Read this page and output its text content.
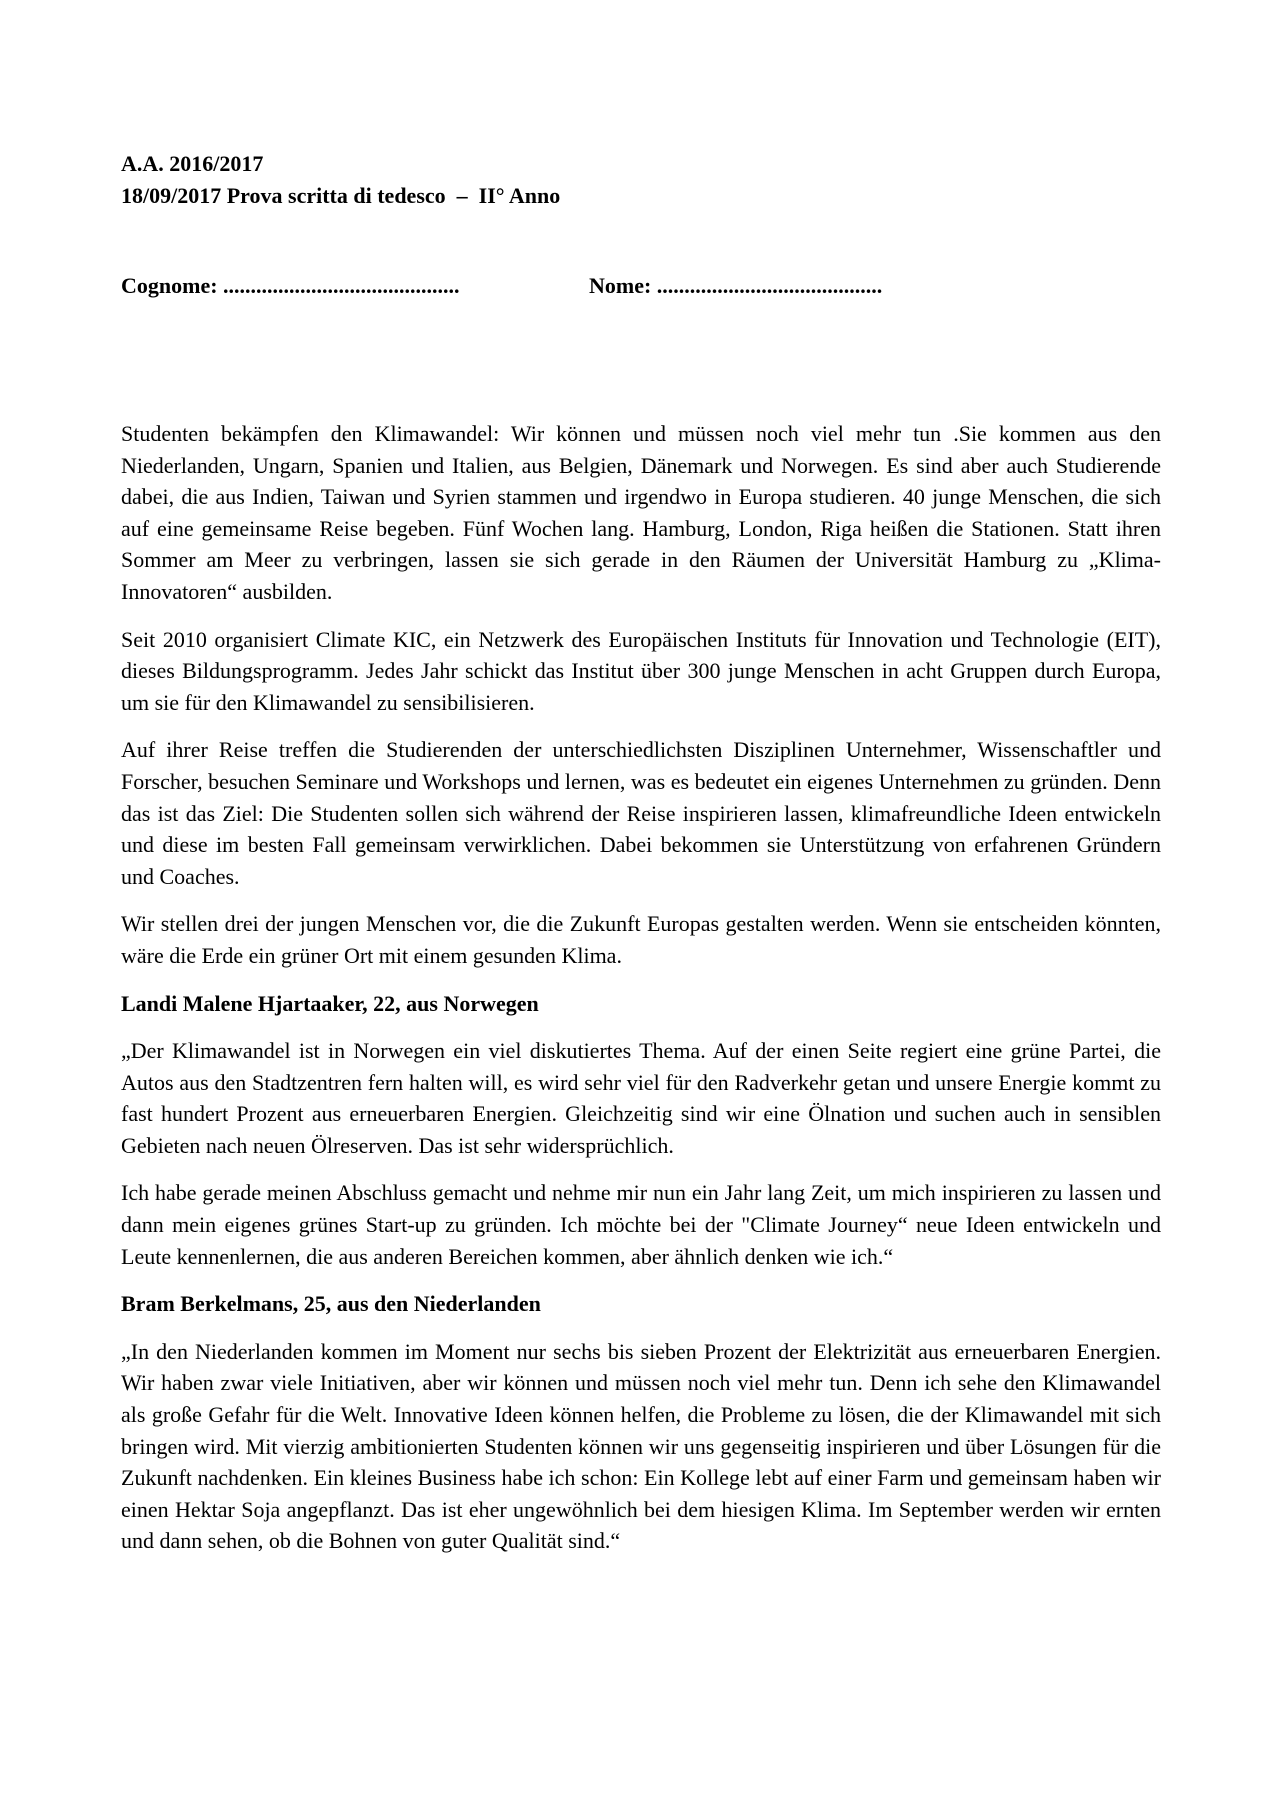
A.A. 2016/2017

18/09/2017 Prova scritta di tedesco  –  II° Anno

Cognome: ...........................................	Nome: .........................................

Studenten bekämpfen den Klimawandel: Wir können und müssen noch viel mehr tun .Sie kommen aus den Niederlanden, Ungarn, Spanien und Italien, aus Belgien, Dänemark und Norwegen. Es sind aber auch Studierende dabei, die aus Indien, Taiwan und Syrien stammen und irgendwo in Europa studieren. 40 junge Menschen, die sich auf eine gemeinsame Reise begeben. Fünf Wochen lang. Hamburg, London, Riga heißen die Stationen. Statt ihren Sommer am Meer zu verbringen, lassen sie sich gerade in den Räumen der Universität Hamburg zu „Klima-Innovatoren“ ausbilden.

Seit 2010 organisiert Climate KIC, ein Netzwerk des Europäischen Instituts für Innovation und Technologie (EIT), dieses Bildungsprogramm. Jedes Jahr schickt das Institut über 300 junge Menschen in acht Gruppen durch Europa, um sie für den Klimawandel zu sensibilisieren.

Auf ihrer Reise treffen die Studierenden der unterschiedlichsten Disziplinen Unternehmer, Wissenschaftler und Forscher, besuchen Seminare und Workshops und lernen, was es bedeutet ein eigenes Unternehmen zu gründen. Denn das ist das Ziel: Die Studenten sollen sich während der Reise inspirieren lassen, klimafreundliche Ideen entwickeln und diese im besten Fall gemeinsam verwirklichen. Dabei bekommen sie Unterstützung von erfahrenen Gründern und Coaches.

Wir stellen drei der jungen Menschen vor, die die Zukunft Europas gestalten werden. Wenn sie entscheiden könnten, wäre die Erde ein grüner Ort mit einem gesunden Klima.

Landi Malene Hjartaaker, 22, aus Norwegen

„Der Klimawandel ist in Norwegen ein viel diskutiertes Thema. Auf der einen Seite regiert eine grüne Partei, die Autos aus den Stadtzentren fern halten will, es wird sehr viel für den Radverkehr getan und unsere Energie kommt zu fast hundert Prozent aus erneuerbaren Energien. Gleichzeitig sind wir eine Ölnation und suchen auch in sensiblen Gebieten nach neuen Ölreserven. Das ist sehr widersprüchlich.

Ich habe gerade meinen Abschluss gemacht und nehme mir nun ein Jahr lang Zeit, um mich inspirieren zu lassen und dann mein eigenes grünes Start-up zu gründen. Ich möchte bei der "Climate Journey“ neue Ideen entwickeln und Leute kennenlernen, die aus anderen Bereichen kommen, aber ähnlich denken wie ich.“

Bram Berkelmans, 25, aus den Niederlanden

„In den Niederlanden kommen im Moment nur sechs bis sieben Prozent der Elektrizität aus erneuerbaren Energien. Wir haben zwar viele Initiativen, aber wir können und müssen noch viel mehr tun. Denn ich sehe den Klimawandel als große Gefahr für die Welt. Innovative Ideen können helfen, die Probleme zu lösen, die der Klimawandel mit sich bringen wird. Mit vierzig ambitionierten Studenten können wir uns gegenseitig inspirieren und über Lösungen für die Zukunft nachdenken. Ein kleines Business habe ich schon: Ein Kollege lebt auf einer Farm und gemeinsam haben wir einen Hektar Soja angepflanzt. Das ist eher ungewöhnlich bei dem hiesigen Klima. Im September werden wir ernten und dann sehen, ob die Bohnen von guter Qualität sind.“
